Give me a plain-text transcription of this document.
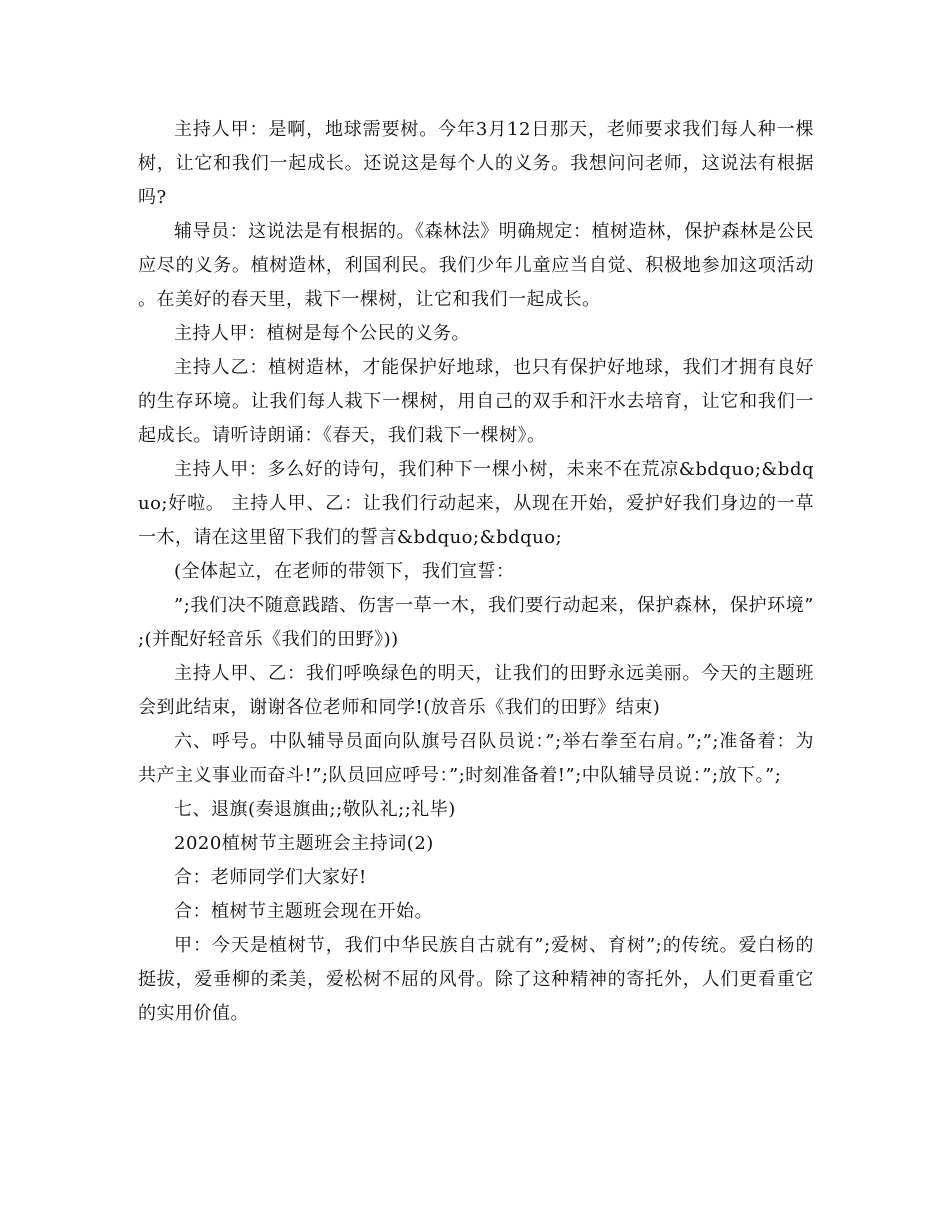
主持人甲：是啊，地球需要树。今年3月12日那天，老师要求我们每人种一棵树，让它和我们一起成长。还说这是每个人的义务。我想问问老师，这说法有根据吗?

辅导员：这说法是有根据的。《森林法》明确规定：植树造林，保护森林是公民应尽的义务。植树造林，利国利民。我们少年儿童应当自觉、积极地参加这项活动。在美好的春天里，栽下一棵树，让它和我们一起成长。

主持人甲：植树是每个公民的义务。

主持人乙：植树造林，才能保护好地球，也只有保护好地球，我们才拥有良好的生存环境。让我们每人栽下一棵树，用自己的双手和汗水去培育，让它和我们一起成长。请听诗朗诵：《春天，我们栽下一棵树》。

主持人甲：多么好的诗句，我们种下一棵小树，未来不在荒凉&bdquo;&bdquo;好啦。 主持人甲、乙：让我们行动起来，从现在开始，爱护好我们身边的一草一木，请在这里留下我们的誓言&bdquo;&bdquo;

(全体起立，在老师的带领下，我们宣誓：

”;我们决不随意践踏、伤害一草一木，我们要行动起来，保护森林，保护环境”;(并配好轻音乐《我们的田野》))

主持人甲、乙：我们呼唤绿色的明天，让我们的田野永远美丽。今天的主题班会到此结束，谢谢各位老师和同学!(放音乐《我们的田野》结束)

六、呼号。中队辅导员面向队旗号召队员说：”;举右拳至右肩。”;”;准备着：为共产主义事业而奋斗!”;队员回应呼号：”;时刻准备着!”;中队辅导员说：”;放下。”;

七、退旗(奏退旗曲;;敬队礼;;礼毕)

2020植树节主题班会主持词(2)

合：老师同学们大家好!

合：植树节主题班会现在开始。

甲：今天是植树节，我们中华民族自古就有”;爱树、育树”;的传统。爱白杨的挺拔，爱垂柳的柔美，爱松树不屈的风骨。除了这种精神的寄托外，人们更看重它的实用价值。
